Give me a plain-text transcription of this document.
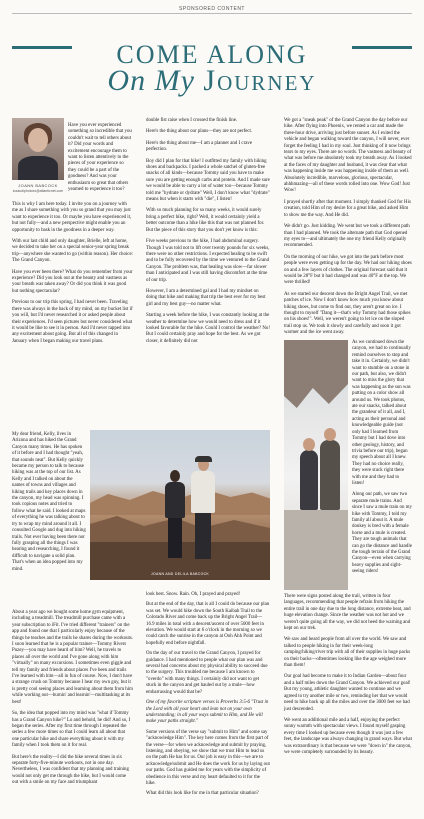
SPONSORED CONTENT
COME ALONG
On My Journey
JOANN BABCOCK
lozaudiphotoxx@atlanticnet.com

Have you ever experienced something so incredible that you couldn't wait to tell others about it? Did your words and excitement encourage them to want to listen attentively to the pieces of your experience so they could be a part of the goodness? And was your enthusiasm so great that others yearned to experience it too?

This is why I am here today. I invite you on a journey with me as I share something with you so grand that you may just want to experience it too. Or maybe you have experienced it, but not fully—and a new perspective might enable you an opportunity to bask in the goodness in a deeper way.

With our last child and only daughter, Brielle, left at home, we decided to take her on a special senior-year spring break trip—anywhere she wanted to go (within reason). Her choice: The Grand Canyon.

Have you ever been there? What do you remember from your experience? Did you look out at the beauty and vastness as your breath was taken away? Or did you think it was good but nothing spectacular?

Previous to our trip this spring, I had never been. Traveling there was always in the back of my mind, on my bucket list if you will, but I'd never researched it or asked people about their experiences. I'd seen pictures but never considered what it would be like to see it in person. And I'd never tapped into any excitement about going. But all of this changed in January when I began making our travel plans.

My dear friend, Kelly, lives in Arizona and has hiked the Grand Canyon many times. He has spoken of it before and I had thought "yeah, that sounds neat". But Kelly quickly became my person to talk to because hiking was at the top of our list. As Kelly and I talked on about the names of towns and villages and hiking trails and key places down in the canyon, my head was spinning. I took copious notes and tried to follow what he said. I looked at maps of everything he was talking about to try to wrap my mind around it all. I consulted Google and dug into hiking trails. Not ever having been there nor fully grasping all the things I was hearing and researching, I found it difficult to navigate a solid plan. That's when an idea popped into my mind.

About a year ago we bought some home gym equipment, including a treadmill. The treadmill purchase came with a year subscription to iFit. I've tried different "trainers" on the app and found one that I particularly enjoy because of the things he teaches and the trails he shares during the workouts. I soon learned that he is a popular trainer—Tommy Rivers Puzey—you may have heard of him? Well, he travels to places all over the world and I've gone along with him "virtually" on many excursions. I sometimes even giggle and tell my family and friends about places I've been and trails I've learned with him—all in fun of course. Now, I don't have a strange crush on Tommy because I hear my own guy, but it is pretty cool seeing places and learning about them from him while working out—burnin' and learnin'—multitasking at its best!

So, the idea that popped into my mind was "what if Tommy has a Grand Canyon hike?" Lo and behold, he did! And so, I began the series. After my first time through I repeated the series a few more times so that I could learn all about that one particular hike and share everything about it with my family when I took them on it for real.

But here's the reality—I did the hike several times in six separate forty-five-minute workouts, not in one day. Nevertheless, I was confident that my planning and training would not only get me through the hike, but I would come out with a smile on my face and triumphant

double fist raise when I crossed the finish line.

Here's the thing about our plans—they are not perfect.

Here's the thing about me—I am a planner and I crave perfection.

Boy did I plan for that hike! I outfitted my family with hiking shoes and backpacks. I packed a whole satchel of gluten-free snacks of all kinds—because Tommy said you have to make sure you are getting enough carbs and protein. And I made sure we would be able to carry a lot of water too—because Tommy told me "hydrate or dydrate" Well, I don't know what "dydrate" means but when it starts with "die", I listen!

With so much planning for so many weeks, it would surely bring a perfect hike, right? Well, it would certainly yield a better outcome than a hike like this that was not planned for. But the piece of this story that you don't yet know is this:

Five weeks previous to the hike, I had abdominal surgery. Though I was told not to lift over twenty pounds for six weeks, there were no other restrictions. I expected healing to be swift and to be fully recovered by the time we ventured to the Grand Canyon. The problem was, that healing was slow—far slower than I anticipated and I was still having discomfort at the time of our trip.

However, I am a determined gal and I had my mindset on doing that hike and making that trip the best ever for my best girl and my best guy—no matter what.

Starting a week before the hike, I was constantly looking at the weather to determine how we would need to dress and if it looked favorable for the hike. Could I control the weather? No! But I could certainly pray and hope for the best. As we got closer, it definitely did not

JOANN AND DELILA BABCOCK

look best. Snow. Rain. Oh, I prayed and prayed!

But at the end of the day, that is all I could do because our plan was set. We would hike down the South Kaibab Trail to the Colorado River and come back up the Bright Angel Trail—16.9 miles in total with a descent/ascent of over 5000 feet in elevation. We would start at 6 o'clock in the morning so we could catch the sunrise in the canyon at Ooh Ahh Point and hopefully end before nightfall.

On the day of our travel to the Grand Canyon, I prayed for guidance. I had mentioned to people what our plan was and several had concerns about my physical ability to succeed due to the surgery. This troubled me because I am known to "overdo" with many things. I certainly did not want to get stuck in the canyon and get hauled out by a mule—how embarrassing would that be?

One of my favorite scripture verses is Proverbs 3:5-6 "Trust in the Lord with all your heart and lean not on your own understanding; in all your ways submit to Him, and He will make your paths straight."

Some versions of the verse say "submit to Him" and some say "acknowledge Him". The key here comes from the first part of the verse—for when we acknowledge and submit by praying, listening, and obeying, we show that we trust Him to lead us on the path He has for us. Our job is easy in this—we are to acknowledge/submit and He does the work for us by laying out our paths. God has guided me for years with the simplicity of obedience in this verse and my heart defaulted to it for the hike.

What did this look like for me in that particular situation?

We got a "sneak peak" of the Grand Canyon the day before our hike. After flying into Phoenix, we rented a car and made the three-hour drive, arriving just before sunset. As I exited the vehicle and began walking toward the canyon, I will never, ever forget the feeling I had in my soul. Just thinking of it now brings tears to my eyes. There are no words. The vastness and beauty of what was before me absolutely took my breath away. As I looked at the faces of my daughter and husband, it was clear that what was happening inside me was happening inside of them as well. Absolutely incredible, marvelous, glorious, spectacular, ahhhmazing—all of these words rolled into one. Wow God! Just Wow!

I prayed shortly after that moment. I simply thanked God for His creation, told Him of my desire for a great hike, and asked Him to show me the way. And He did.

We didn't go. Just kidding. We went but we took a different path than I had planned. We took the alternate path that God opened my eyes to—and ultimately the one my friend Kelly originally recommended.

On the morning of our hike, we got into the park before most people were even getting up for the day. We had our hiking shoes on and a few layers of clothes. The original forecast said that it would be 28°F but it had changed and was 40°F at the top. We were thrilled!

As we started our descent down the Bright Angel Trail, we met patches of ice. Now I don't know how much you know about hiking shoes, but come to find out, they aren't great on ice. I thought to myself "Dang it—that's why Tommy had those spikes on his shoes!". Well, we weren't going to let ice on the sloped trail stop us. We took it slowly and carefully and soon it got warmer and the ice went away.

As we continued down the canyon, we had to continually remind ourselves to stop and take it in. Certainly, we didn't want to stumble on a stone in our path, but also, we didn't want to miss the glory that was happening as the sun was putting on a color show all around us. We took photos, ate our snacks, talked about the grandeur of it all, and I, acting as their personal and knowledgeable guide (not only had I learned from Tommy but I had dove into other geology, history, and trivia before our trip), began my speech about all I knew. They had no choice really, they were stuck right there with me and they had to listen!

Along our path, we saw two separate mule trains. And since I saw a mule train on my hike with Tommy, I told my family all about it. A mule donkey is bred with a female horse and a mule is created. They are tough animals that can go the distance and handle the tough terrain of the Grand Canyon—even when carrying heavy supplies and sight-seeing riders!

There were signs posted along the trail, written in four languages, recommending that people refrain from hiking the entire trail in one day due to the long distance, extreme heat, and huge elevation change. Since the weather was not hot and we weren't quite going all the way, we did not heed the warning and kept on our trek.

We saw and heard people from all over the world. We saw and talked to people hiking in for their week-long camping/hiking/river trip with all of their supplies in huge packs on their backs—oftentimes looking like the age weighed more than them!

Our goal had become to make it to Indian Garden—about four and a half miles down the Grand Canyon. We achieved our goal! But my young, athletic daughter wanted to continue and we agreed to try another mile or two, reminding her that we would need to hike back up all the miles and over the 3000 feet we had just descended.

We went an additional mile and a half, enjoying the perfect sunny warmth with spectacular views. I found myself gasping every time I looked up because even though it was just a few feet, the landscape was always changing in grand ways. But what was extraordinary is that because we were "down in" the canyon, we were completely surrounded by its beauty.
